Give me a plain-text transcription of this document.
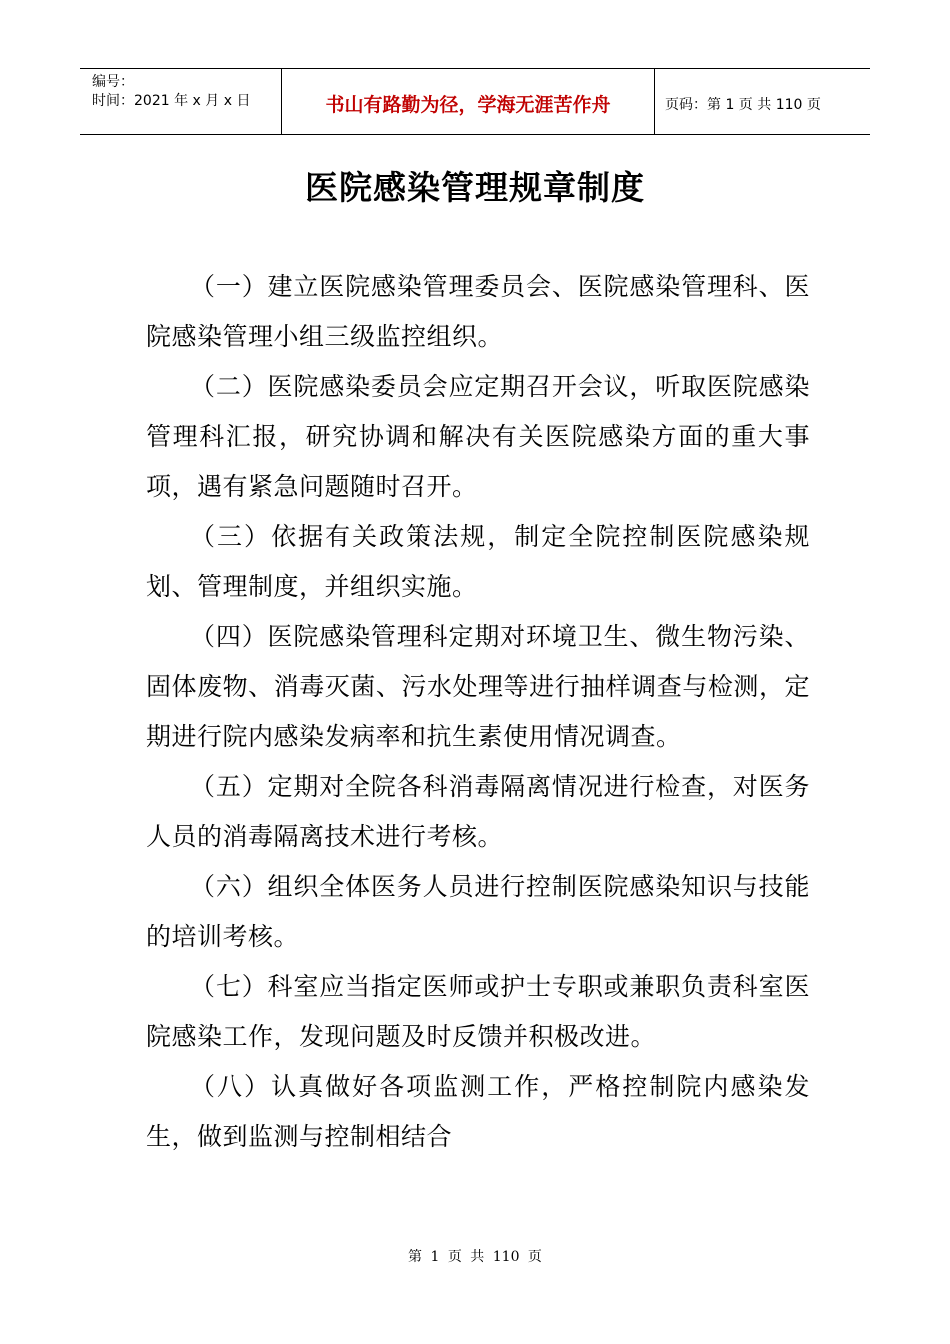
编号：
时间：2021 年 x 月 x 日	书山有路勤为径，学海无涯苦作舟	页码：第 1 页 共 110 页
医院感染管理规章制度

（一）建立医院感染管理委员会、医院感染管理科、医院感染管理小组三级监控组织。

（二）医院感染委员会应定期召开会议，听取医院感染管理科汇报，研究协调和解决有关医院感染方面的重大事项，遇有紧急问题随时召开。

（三）依据有关政策法规，制定全院控制医院感染规划、管理制度，并组织实施。

（四）医院感染管理科定期对环境卫生、微生物污染、固体废物、消毒灭菌、污水处理等进行抽样调查与检测，定期进行院内感染发病率和抗生素使用情况调查。

（五）定期对全院各科消毒隔离情况进行检查，对医务人员的消毒隔离技术进行考核。

（六）组织全体医务人员进行控制医院感染知识与技能的培训考核。

（七）科室应当指定医师或护士专职或兼职负责科室医院感染工作，发现问题及时反馈并积极改进。

（八）认真做好各项监测工作，严格控制院内感染发生，做到监测与控制相结合

第 1 页 共 110 页
